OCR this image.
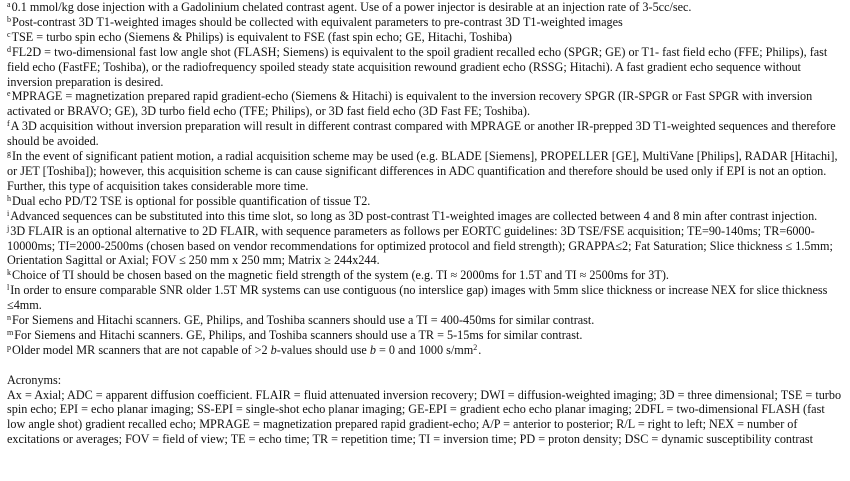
$^a$0.1 mmol/kg dose injection with a Gadolinium chelated contrast agent. Use of a power injector is desirable at an injection rate of 3-5cc/sec.

$^b$Post-contrast 3D T1-weighted images should be collected with equivalent parameters to pre-contrast 3D T1-weighted images

$^c$TSE = turbo spin echo (Siemens & Philips) is equivalent to FSE (fast spin echo; GE, Hitachi, Toshiba)

$^d$FL2D = two-dimensional fast low angle shot (FLASH; Siemens) is equivalent to the spoil gradient recalled echo (SPGR; GE) or T1- fast field echo (FFE; Philips), fast field echo (FastFE; Toshiba), or the radiofrequency spoiled steady state acquisition rewound gradient echo (RSSG; Hitachi). A fast gradient echo sequence without inversion preparation is desired.

$^e$MPRAGE = magnetization prepared rapid gradient-echo (Siemens & Hitachi) is equivalent to the inversion recovery SPGR (IR-SPGR or Fast SPGR with inversion activated or BRAVO; GE), 3D turbo field echo (TFE; Philips), or 3D fast field echo (3D Fast FE; Toshiba).

$^f$A 3D acquisition without inversion preparation will result in different contrast compared with MPRAGE or another IR-prepped 3D T1-weighted sequences and therefore should be avoided.

$^g$In the event of significant patient motion, a radial acquisition scheme may be used (e.g. BLADE [Siemens], PROPELLER [GE], MultiVane [Philips], RADAR [Hitachi], or JET [Toshiba]); however, this acquisition scheme is can cause significant differences in ADC quantification and therefore should be used only if EPI is not an option. Further, this type of acquisition takes considerable more time.

$^h$Dual echo PD/T2 TSE is optional for possible quantification of tissue T2.

$^i$Advanced sequences can be substituted into this time slot, so long as 3D post-contrast T1-weighted images are collected between 4 and 8 min after contrast injection.

$^j$3D FLAIR is an optional alternative to 2D FLAIR, with sequence parameters as follows per EORTC guidelines: 3D TSE/FSE acquisition; TE=90-140ms; TR=6000-10000ms; TI=2000-2500ms (chosen based on vendor recommendations for optimized protocol and field strength); GRAPPA≤2; Fat Saturation; Slice thickness ≤ 1.5mm; Orientation Sagittal or Axial; FOV ≤ 250 mm x 250 mm; Matrix ≥ 244x244.

$^k$Choice of TI should be chosen based on the magnetic field strength of the system (e.g. TI ≈ 2000ms for 1.5T and TI ≈ 2500ms for 3T).

$^l$In order to ensure comparable SNR older 1.5T MR systems can use contiguous (no interslice gap) images with 5mm slice thickness or increase NEX for slice thickness ≤4mm.

$^n$For Siemens and Hitachi scanners. GE, Philips, and Toshiba scanners should use a TI = 400-450ms for similar contrast.

$^m$For Siemens and Hitachi scanners. GE, Philips, and Toshiba scanners should use a TR = 5-15ms for similar contrast.

$^p$Older model MR scanners that are not capable of >2 b-values should use b = 0 and 1000 $s/mm^2$.

Acronyms:

Ax = Axial; ADC = apparent diffusion coefficient. FLAIR = fluid attenuated inversion recovery; DWI = diffusion-weighted imaging; 3D = three dimensional; TSE = turbo spin echo; EPI = echo planar imaging; SS-EPI = single-shot echo planar imaging; GE-EPI = gradient echo echo planar imaging; 2DFL = two-dimensional FLASH (fast low angle shot) gradient recalled echo; MPRAGE = magnetization prepared rapid gradient-echo; A/P = anterior to posterior; R/L = right to left; NEX = number of excitations or averages; FOV = field of view; TE = echo time; TR = repetition time; TI = inversion time; PD = proton density; DSC = dynamic susceptibility contrast
